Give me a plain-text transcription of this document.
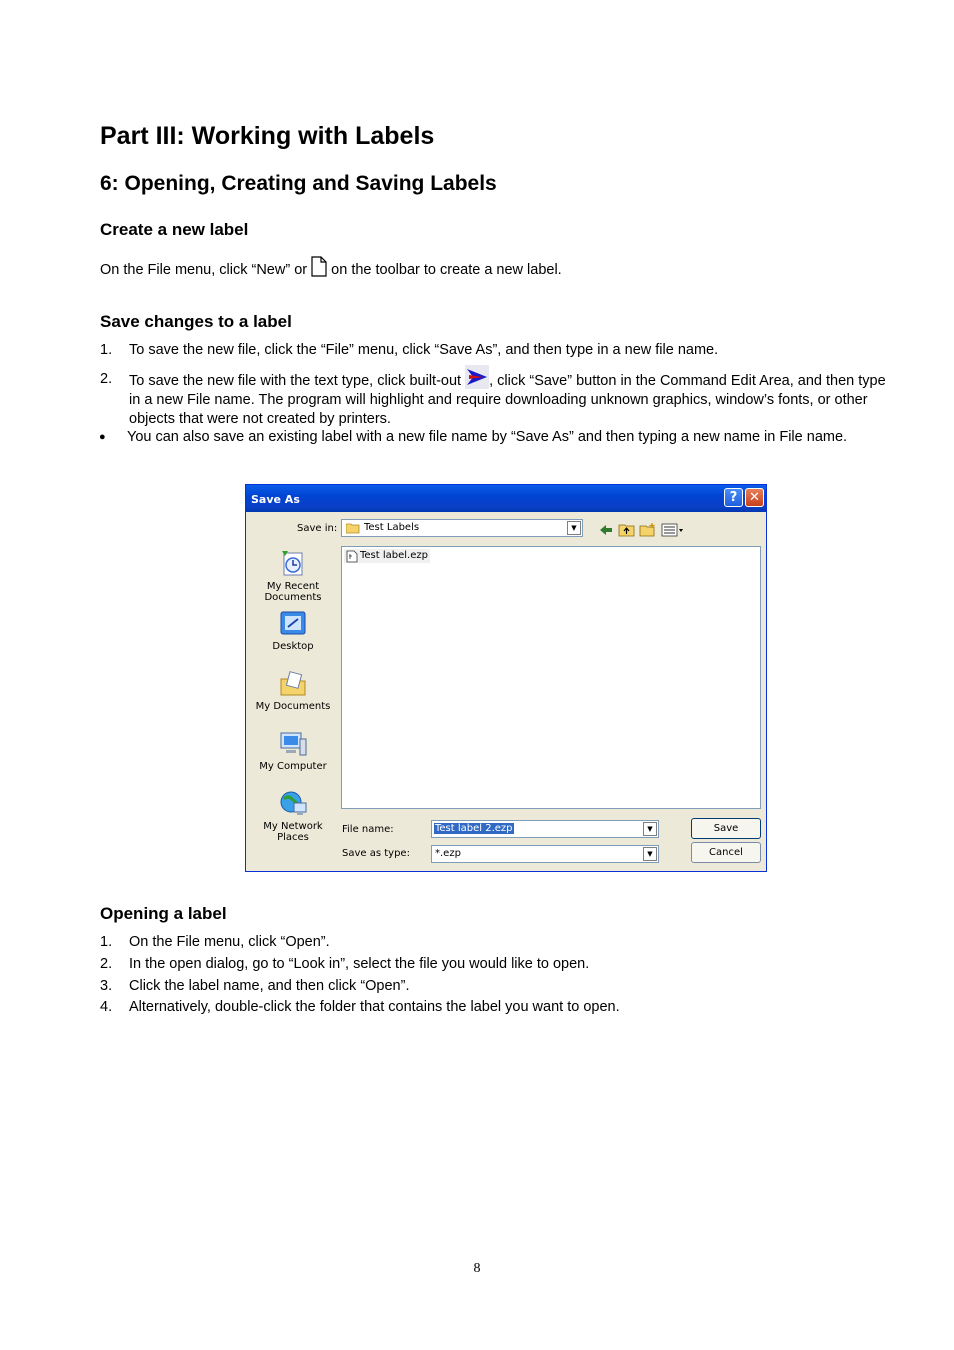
Part III: Working with Labels
6: Opening, Creating and Saving Labels
Create a new label
On the File menu, click “New” or on the toolbar to create a new label.
Save changes to a label
1. To save the new file, click the “File” menu, click “Save As”, and then type in a new file name.
2. To save the new file with the text type, click built-out , click “Save” button in the Command Edit Area, and then type in a new File name. The program will highlight and require downloading unknown graphics, window’s fonts, or other objects that were not created by printers.
● You can also save an existing label with a new file name by “Save As” and then typing a new name in File name.
Save As	? ✕
Save in:	Test Labels	▼
My Recent Documents
Desktop
My Documents
My Computer
My Network Places
Test label.ezp
File name:	Test label 2.ezp	▼
Save as type:	*.ezp	▼
Save
Cancel
Opening a label
1. On the File menu, click “Open”.
2. In the open dialog, go to “Look in”, select the file you would like to open.
3. Click the label name, and then click “Open”.
4. Alternatively, double-click the folder that contains the label you want to open.
8
